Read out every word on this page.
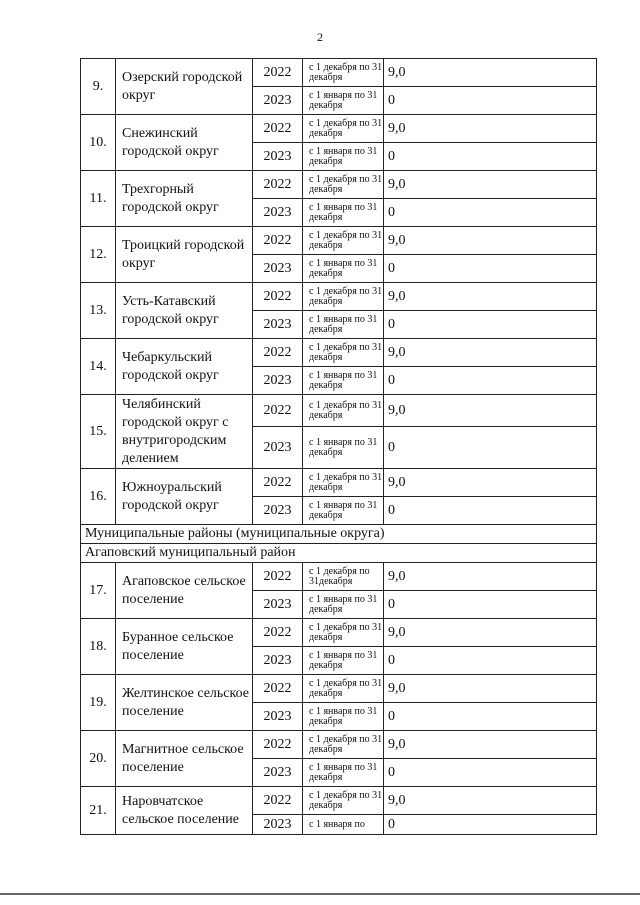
2
9.	Озерский городской округ	2022	с 1 декабря по 31 декабря	9,0
		2023	с 1 января по 31 декабря	0
10.	Снежинский городской округ	2022	с 1 декабря по 31 декабря	9,0
		2023	с 1 января по 31 декабря	0
11.	Трехгорный городской округ	2022	с 1 декабря по 31 декабря	9,0
		2023	с 1 января по 31 декабря	0
12.	Троицкий городской округ	2022	с 1 декабря по 31 декабря	9,0
		2023	с 1 января по 31 декабря	0
13.	Усть-Катавский городской округ	2022	с 1 декабря по 31 декабря	9,0
		2023	с 1 января по 31 декабря	0
14.	Чебаркульский городской округ	2022	с 1 декабря по 31 декабря	9,0
		2023	с 1 января по 31 декабря	0
15.	Челябинский городской округ с внутригородским делением	2022	с 1 декабря по 31 декабря	9,0
		2023	с 1 января по 31 декабря	0
16.	Южноуральский городской округ	2022	с 1 декабря по 31 декабря	9,0
		2023	с 1 января по 31 декабря	0
Муниципальные районы (муниципальные округа)				
Агаповский муниципальный район				
17.	Агаповское сельское поселение	2022	с 1 декабря по 31декабря	9,0
		2023	с 1 января по 31 декабря	0
18.	Буранное сельское поселение	2022	с 1 декабря по 31 декабря	9,0
		2023	с 1 января по 31 декабря	0
19.	Желтинское сельское поселение	2022	с 1 декабря по 31 декабря	9,0
		2023	с 1 января по 31 декабря	0
20.	Магнитное сельское поселение	2022	с 1 декабря по 31 декабря	9,0
		2023	с 1 января по 31 декабря	0
21.	Наровчатское сельское поселение	2022	с 1 декабря по 31 декабря	9,0
		2023	с 1 января по	0
